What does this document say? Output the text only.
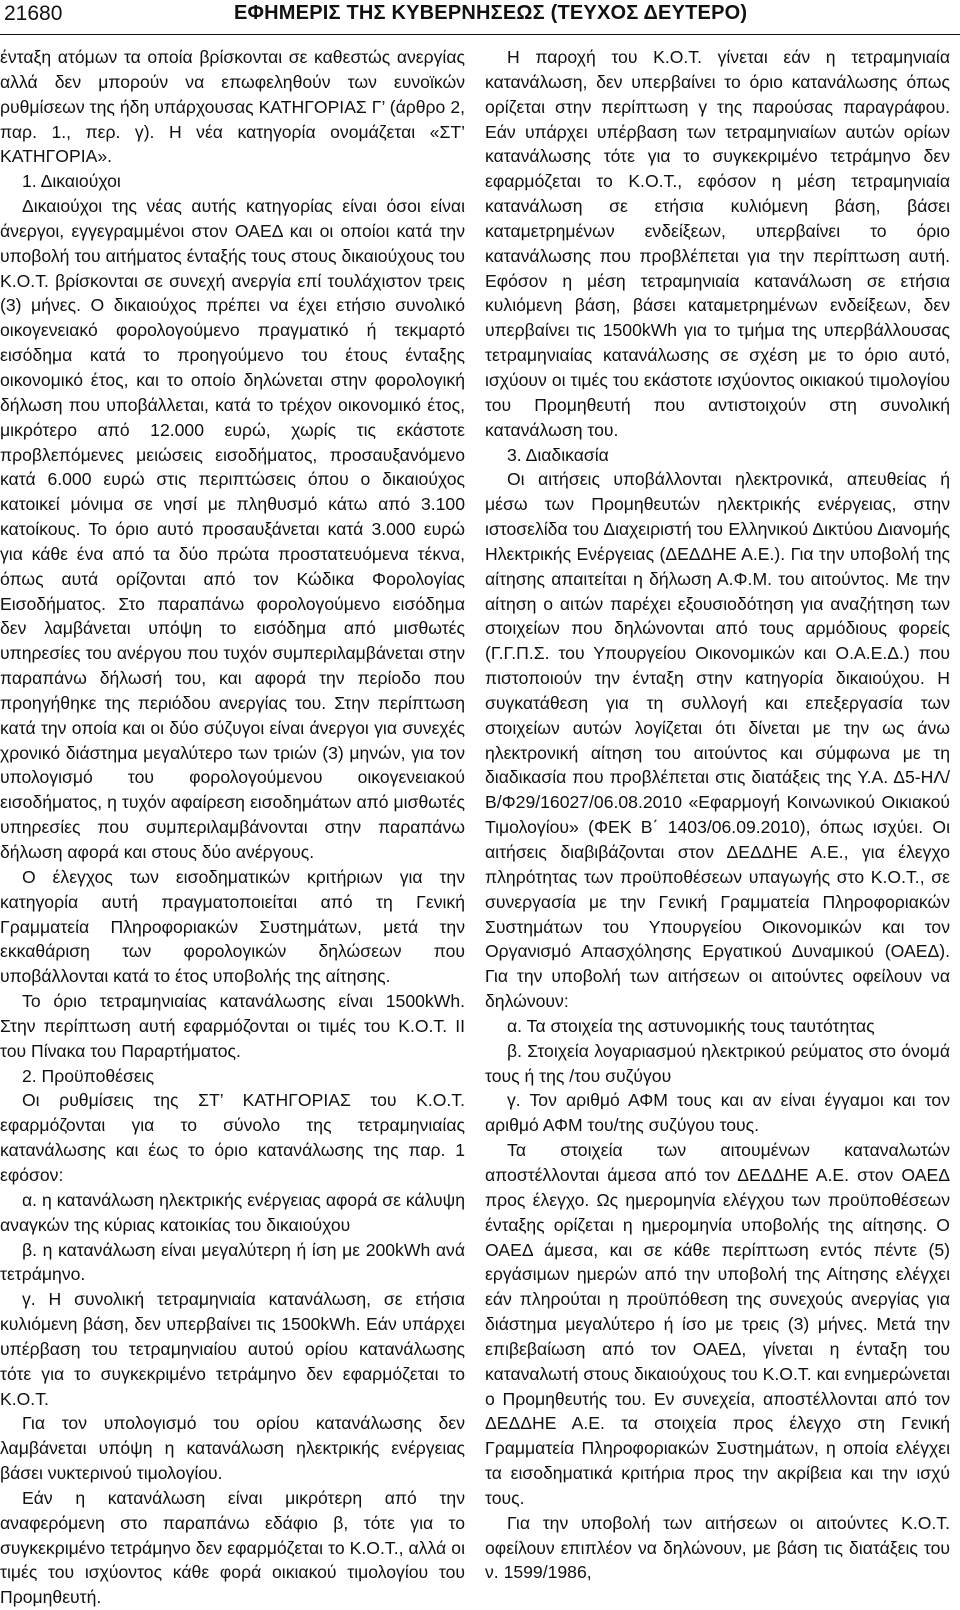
21680	ΕΦΗΜΕΡΙΣ ΤΗΣ ΚΥΒΕΡΝΗΣΕΩΣ (ΤΕΥΧΟΣ ΔΕΥΤΕΡΟ)

ένταξη ατόμων τα οποία βρίσκονται σε καθεστώς ανεργίας αλλά δεν μπορούν να επωφεληθούν των ευνοϊκών ρυθμίσεων της ήδη υπάρχουσας ΚΑΤΗΓΟΡΙΑΣ Γ’ (άρθρο 2, παρ. 1., περ. γ). Η νέα κατηγορία ονομάζεται «ΣΤ’ ΚΑΤΗΓΟΡΙΑ».

1. Δικαιούχοι

Δικαιούχοι της νέας αυτής κατηγορίας είναι όσοι είναι άνεργοι, εγγεγραμμένοι στον ΟΑΕΔ και οι οποίοι κατά την υποβολή του αιτήματος ένταξής τους στους δικαιούχους του Κ.Ο.Τ. βρίσκονται σε συνεχή ανεργία επί τουλάχιστον τρεις (3) μήνες. Ο δικαιούχος πρέπει να έχει ετήσιο συνολικό οικογενειακό φορολογούμενο πραγματικό ή τεκμαρτό εισόδημα κατά το προηγούμενο του έτους ένταξης οικονομικό έτος, και το οποίο δηλώνεται στην φορολογική δήλωση που υποβάλλεται, κατά το τρέχον οικονομικό έτος, μικρότερο από 12.000 ευρώ, χωρίς τις εκάστοτε προβλεπόμενες μειώσεις εισοδήματος, προσαυξανόμενο κατά 6.000 ευρώ στις περιπτώσεις όπου ο δικαιούχος κατοικεί μόνιμα σε νησί με πληθυσμό κάτω από 3.100 κατοίκους. Το όριο αυτό προσαυξάνεται κατά 3.000 ευρώ για κάθε ένα από τα δύο πρώτα προστατευόμενα τέκνα, όπως αυτά ορίζονται από τον Κώδικα Φορολογίας Εισοδήματος. Στο παραπάνω φορολογούμενο εισόδημα δεν λαμβάνεται υπόψη το εισόδημα από μισθωτές υπηρεσίες του ανέργου που τυχόν συμπεριλαμβάνεται στην παραπάνω δήλωσή του, και αφορά την περίοδο που προηγήθηκε της περιόδου ανεργίας του. Στην περίπτωση κατά την οποία και οι δύο σύζυγοι είναι άνεργοι για συνεχές χρονικό διάστημα μεγαλύτερο των τριών (3) μηνών, για τον υπολογισμό του φορολογούμενου οικογενειακού εισοδήματος, η τυχόν αφαίρεση εισοδημάτων από μισθωτές υπηρεσίες που συμπεριλαμβάνονται στην παραπάνω δήλωση αφορά και στους δύο ανέργους.

Ο έλεγχος των εισοδηματικών κριτήριων για την κατηγορία αυτή πραγματοποιείται από τη Γενική Γραμματεία Πληροφοριακών Συστημάτων, μετά την εκκαθάριση των φορολογικών δηλώσεων που υποβάλλονται κατά το έτος υποβολής της αίτησης.

Το όριο τετραμηνιαίας κατανάλωσης είναι 1500kWh. Στην περίπτωση αυτή εφαρμόζονται οι τιμές του Κ.Ο.Τ. ΙΙ του Πίνακα του Παραρτήματος.

2. Προϋποθέσεις

Οι ρυθμίσεις της ΣΤ’ ΚΑΤΗΓΟΡΙΑΣ του Κ.Ο.Τ. εφαρμόζονται για το σύνολο της τετραμηνιαίας κατανάλωσης και έως το όριο κατανάλωσης της παρ. 1 εφόσον:

α. η κατανάλωση ηλεκτρικής ενέργειας αφορά σε κάλυψη αναγκών της κύριας κατοικίας του δικαιούχου

β. η κατανάλωση είναι μεγαλύτερη ή ίση με 200kWh ανά τετράμηνο.

γ. Η συνολική τετραμηνιαία κατανάλωση, σε ετήσια κυλιόμενη βάση, δεν υπερβαίνει τις 1500kWh. Εάν υπάρχει υπέρβαση του τετραμηνιαίου αυτού ορίου κατανάλωσης τότε για το συγκεκριμένο τετράμηνο δεν εφαρμόζεται το Κ.Ο.Τ.

Για τον υπολογισμό του ορίου κατανάλωσης δεν λαμβάνεται υπόψη η κατανάλωση ηλεκτρικής ενέργειας βάσει νυκτερινού τιμολογίου.

Εάν η κατανάλωση είναι μικρότερη από την αναφερόμενη στο παραπάνω εδάφιο β, τότε για το συγκεκριμένο τετράμηνο δεν εφαρμόζεται το Κ.Ο.Τ., αλλά οι τιμές του ισχύοντος κάθε φορά οικιακού τιμολογίου του Προμηθευτή.

Η παροχή του Κ.Ο.Τ. γίνεται εάν η τετραμηνιαία κατανάλωση, δεν υπερβαίνει το όριο κατανάλωσης όπως ορίζεται στην περίπτωση γ της παρούσας παραγράφου. Εάν υπάρχει υπέρβαση των τετραμηνιαίων αυτών ορίων κατανάλωσης τότε για το συγκεκριμένο τετράμηνο δεν εφαρμόζεται το Κ.Ο.Τ., εφόσον η μέση τετραμηνιαία κατανάλωση σε ετήσια κυλιόμενη βάση, βάσει καταμετρημένων ενδείξεων, υπερβαίνει το όριο κατανάλωσης που προβλέπεται για την περίπτωση αυτή. Εφόσον η μέση τετραμηνιαία κατανάλωση σε ετήσια κυλιόμενη βάση, βάσει καταμετρημένων ενδείξεων, δεν υπερβαίνει τις 1500kWh για το τμήμα της υπερβάλλουσας τετραμηνιαίας κατανάλωσης σε σχέση με το όριο αυτό, ισχύουν οι τιμές του εκάστοτε ισχύοντος οικιακού τιμολογίου του Προμηθευτή που αντιστοιχούν στη συνολική κατανάλωση του.

3. Διαδικασία

Οι αιτήσεις υποβάλλονται ηλεκτρονικά, απευθείας ή μέσω των Προμηθευτών ηλεκτρικής ενέργειας, στην ιστοσελίδα του Διαχειριστή του Ελληνικού Δικτύου Διανομής Ηλεκτρικής Ενέργειας (ΔΕΔΔΗΕ Α.Ε.). Για την υποβολή της αίτησης απαιτείται η δήλωση Α.Φ.Μ. του αιτούντος. Με την αίτηση ο αιτών παρέχει εξουσιοδότηση για αναζήτηση των στοιχείων που δηλώνονται από τους αρμόδιους φορείς (Γ.Γ.Π.Σ. του Υπουργείου Οικονομικών και Ο.Α.Ε.Δ.) που πιστοποιούν την ένταξη στην κατηγορία δικαιούχου. Η συγκατάθεση για τη συλλογή και επεξεργασία των στοιχείων αυτών λογίζεται ότι δίνεται με την ως άνω ηλεκτρονική αίτηση του αιτούντος και σύμφωνα με τη διαδικασία που προβλέπεται στις διατάξεις της Υ.Α. Δ5-ΗΛ/Β/Φ29/16027/06.08.2010 «Εφαρμογή Κοινωνικού Οικιακού Τιμολογίου» (ΦΕΚ Β΄ 1403/06.09.2010), όπως ισχύει. Οι αιτήσεις διαβιβάζονται στον ΔΕΔΔΗΕ Α.Ε., για έλεγχο πληρότητας των προϋποθέσεων υπαγωγής στο Κ.Ο.Τ., σε συνεργασία με την Γενική Γραμματεία Πληροφοριακών Συστημάτων του Υπουργείου Οικονομικών και τον Οργανισμό Απασχόλησης Εργατικού Δυναμικού (ΟΑΕΔ). Για την υποβολή των αιτήσεων οι αιτούντες οφείλουν να δηλώνουν:

α. Τα στοιχεία της αστυνομικής τους ταυτότητας

β. Στοιχεία λογαριασμού ηλεκτρικού ρεύματος στο όνομά τους ή της /του συζύγου

γ. Τον αριθμό ΑΦΜ τους και αν είναι έγγαμοι και τον αριθμό ΑΦΜ του/της συζύγου τους.

Τα στοιχεία των αιτουμένων καταναλωτών αποστέλλονται άμεσα από τον ΔΕΔΔΗΕ Α.Ε. στον ΟΑΕΔ προς έλεγχο. Ως ημερομηνία ελέγχου των προϋποθέσεων ένταξης ορίζεται η ημερομηνία υποβολής της αίτησης. Ο ΟΑΕΔ άμεσα, και σε κάθε περίπτωση εντός πέντε (5) εργάσιμων ημερών από την υποβολή της Αίτησης ελέγχει εάν πληρούται η προϋπόθεση της συνεχούς ανεργίας για διάστημα μεγαλύτερο ή ίσο με τρεις (3) μήνες. Μετά την επιβεβαίωση από τον ΟΑΕΔ, γίνεται η ένταξη του καταναλωτή στους δικαιούχους του Κ.Ο.Τ. και ενημερώνεται ο Προμηθευτής του. Εν συνεχεία, αποστέλλονται από τον ΔΕΔΔΗΕ Α.Ε. τα στοιχεία προς έλεγχο στη Γενική Γραμματεία Πληροφοριακών Συστημάτων, η οποία ελέγχει τα εισοδηματικά κριτήρια προς την ακρίβεια και την ισχύ τους.

Για την υποβολή των αιτήσεων οι αιτούντες Κ.Ο.Τ. οφείλουν επιπλέον να δηλώνουν, με βάση τις διατάξεις του ν. 1599/1986,
